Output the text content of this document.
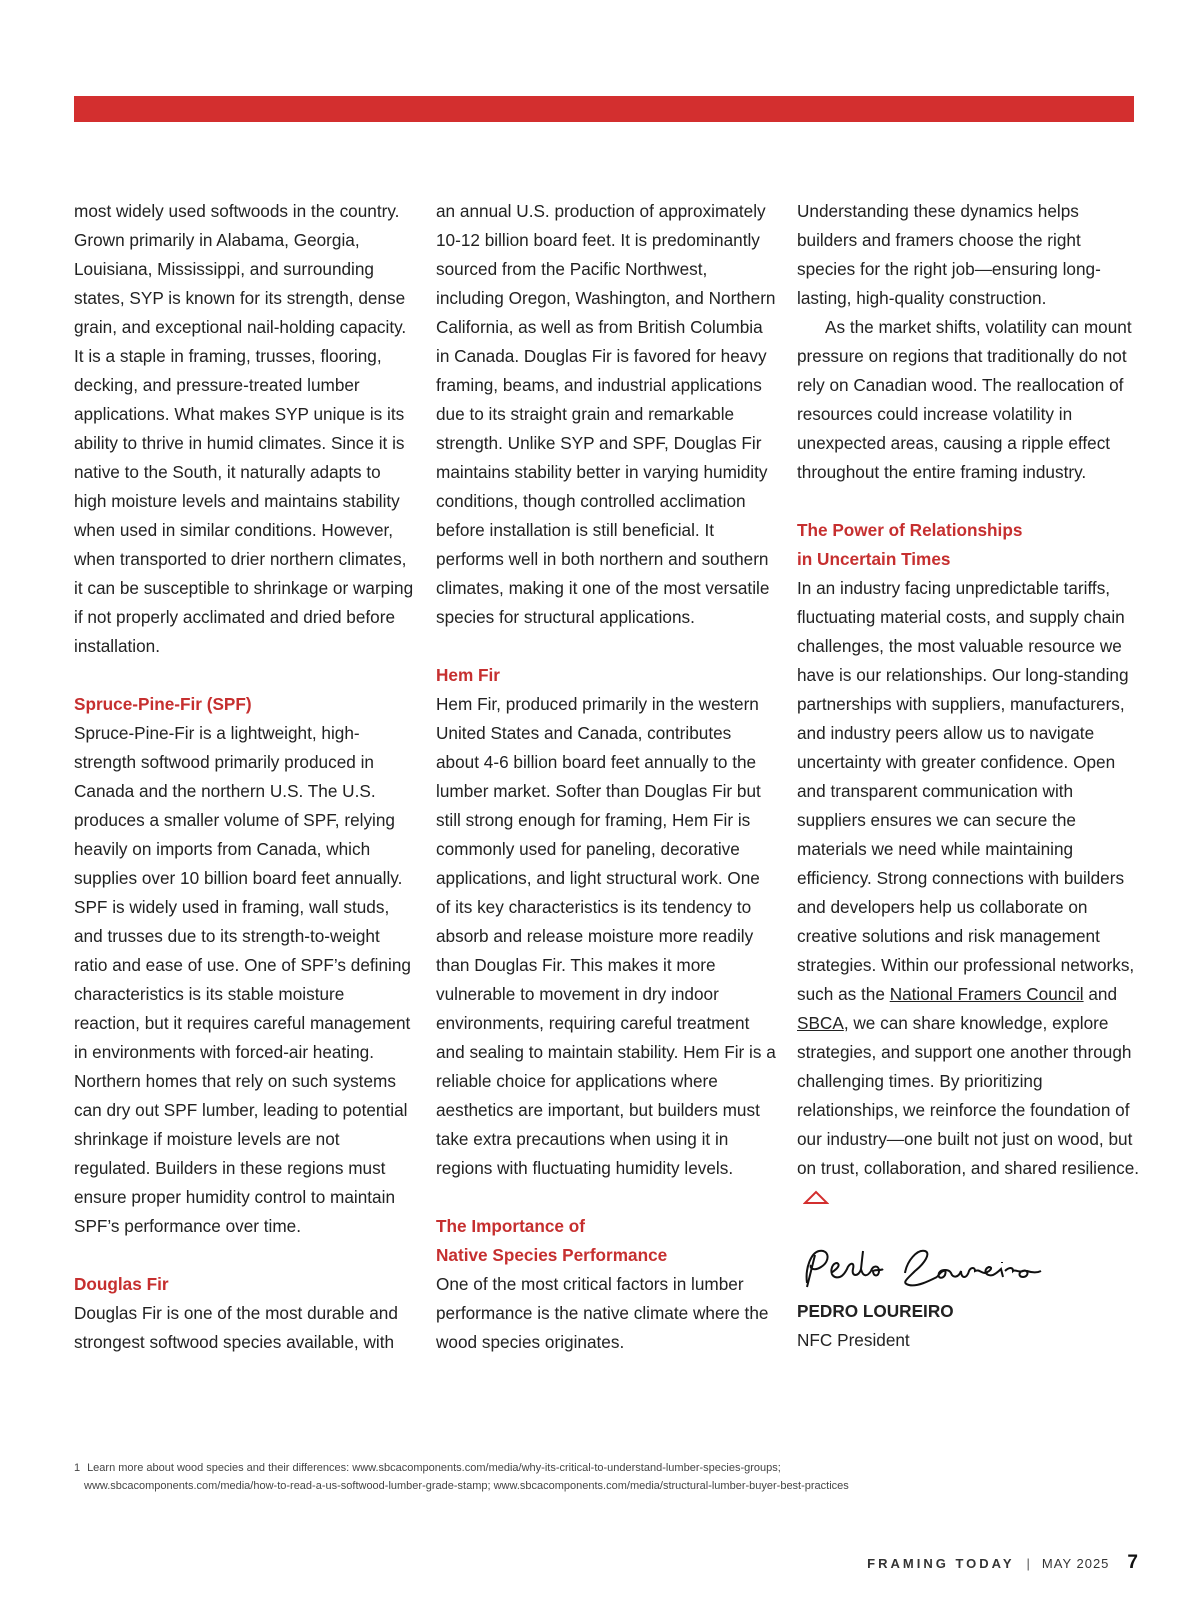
most widely used softwoods in the country. Grown primarily in Alabama, Georgia, Louisiana, Mississippi, and surrounding states, SYP is known for its strength, dense grain, and exceptional nail-holding capacity. It is a staple in framing, trusses, flooring, decking, and pressure-treated lumber applications. What makes SYP unique is its ability to thrive in humid climates. Since it is native to the South, it naturally adapts to high moisture levels and maintains stability when used in similar conditions. However, when transported to drier northern climates, it can be susceptible to shrinkage or warping if not properly acclimated and dried before installation.

Spruce-Pine-Fir (SPF)

Spruce-Pine-Fir is a lightweight, high-strength softwood primarily produced in Canada and the northern U.S. The U.S. produces a smaller volume of SPF, relying heavily on imports from Canada, which supplies over 10 billion board feet annually. SPF is widely used in framing, wall studs, and trusses due to its strength-to-weight ratio and ease of use. One of SPF’s defining characteristics is its stable moisture reaction, but it requires careful management in environments with forced-air heating. Northern homes that rely on such systems can dry out SPF lumber, leading to potential shrinkage if moisture levels are not regulated. Builders in these regions must ensure proper humidity control to maintain SPF’s performance over time.

Douglas Fir

Douglas Fir is one of the most durable and strongest softwood species available, with

an annual U.S. production of approximately 10-12 billion board feet. It is predominantly sourced from the Pacific Northwest, including Oregon, Washington, and Northern California, as well as from British Columbia in Canada. Douglas Fir is favored for heavy framing, beams, and industrial applications due to its straight grain and remarkable strength. Unlike SYP and SPF, Douglas Fir maintains stability better in varying humidity conditions, though controlled acclimation before installation is still beneficial. It performs well in both northern and southern climates, making it one of the most versatile species for structural applications.

Hem Fir

Hem Fir, produced primarily in the western United States and Canada, contributes about 4-6 billion board feet annually to the lumber market. Softer than Douglas Fir but still strong enough for framing, Hem Fir is commonly used for paneling, decorative applications, and light structural work. One of its key characteristics is its tendency to absorb and release moisture more readily than Douglas Fir. This makes it more vulnerable to movement in dry indoor environments, requiring careful treatment and sealing to maintain stability. Hem Fir is a reliable choice for applications where aesthetics are important, but builders must take extra precautions when using it in regions with fluctuating humidity levels.

The Importance of
Native Species Performance

One of the most critical factors in lumber performance is the native climate where the wood species originates.

Understanding these dynamics helps builders and framers choose the right species for the right job—ensuring long-lasting, high-quality construction.

As the market shifts, volatility can mount pressure on regions that traditionally do not rely on Canadian wood. The reallocation of resources could increase volatility in unexpected areas, causing a ripple effect throughout the entire framing industry.

The Power of Relationships
in Uncertain Times

In an industry facing unpredictable tariffs, fluctuating material costs, and supply chain challenges, the most valuable resource we have is our relationships. Our long-standing partnerships with suppliers, manufacturers, and industry peers allow us to navigate uncertainty with greater confidence. Open and transparent communication with suppliers ensures we can secure the materials we need while maintaining efficiency. Strong connections with builders and developers help us collaborate on creative solutions and risk management strategies. Within our professional networks, such as the National Framers Council and SBCA, we can share knowledge, explore strategies, and support one another through challenging times. By prioritizing relationships, we reinforce the foundation of our industry—one built not just on wood, but on trust, collaboration, and shared resilience.

PEDRO LOUREIRO

NFC President

1 Learn more about wood species and their differences: www.sbcacomponents.com/media/why-its-critical-to-understand-lumber-species-groups;
www.sbcacomponents.com/media/how-to-read-a-us-softwood-lumber-grade-stamp; www.sbcacomponents.com/media/structural-lumber-buyer-best-practices
FRAMING TODAY | MAY 2025 7
